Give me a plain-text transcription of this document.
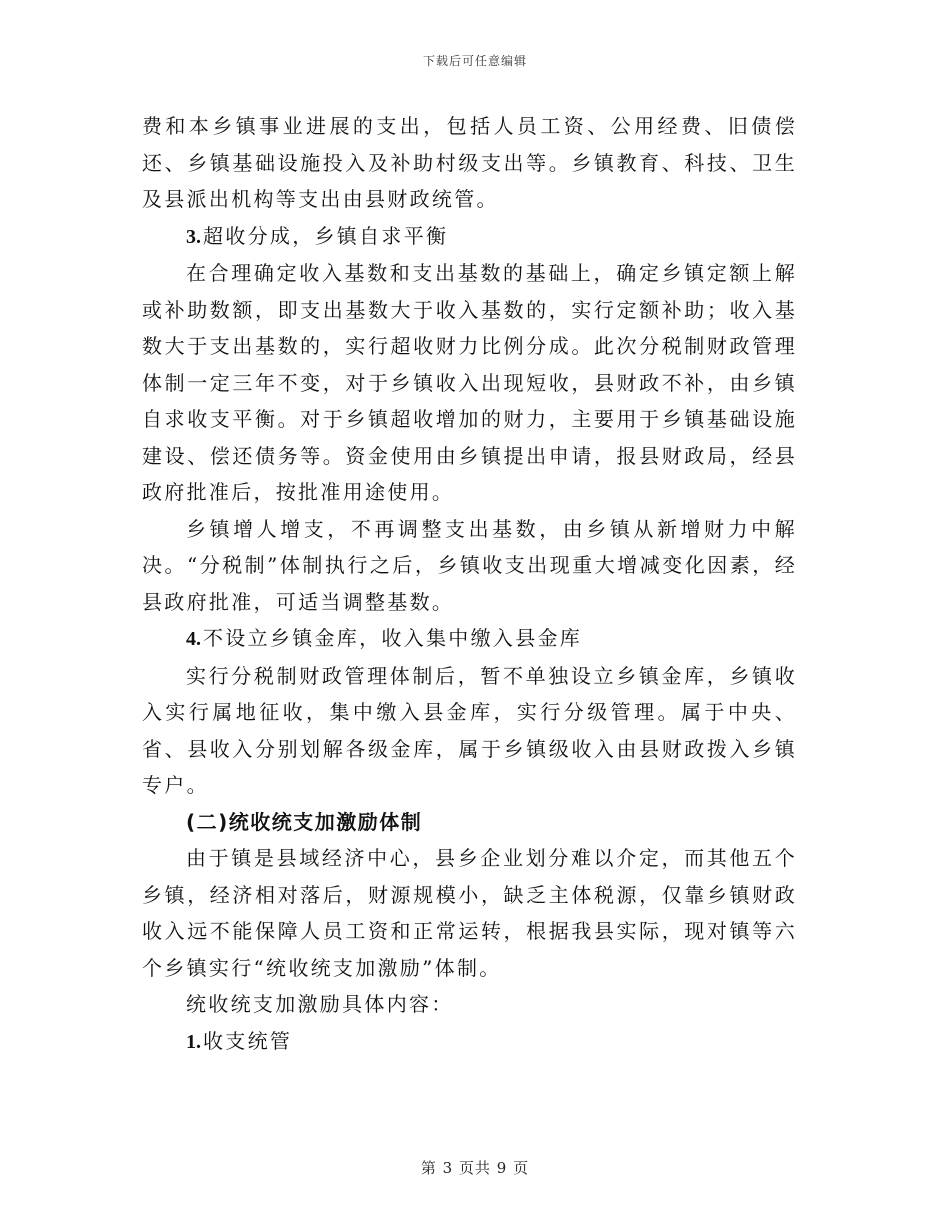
下载后可任意编辑

费和本乡镇事业进展的支出，包括人员工资、公用经费、旧债偿还、乡镇基础设施投入及补助村级支出等。乡镇教育、科技、卫生及县派出机构等支出由县财政统管。

3. 超收分成，乡镇自求平衡

在合理确定收入基数和支出基数的基础上，确定乡镇定额上解或补助数额，即支出基数大于收入基数的，实行定额补助；收入基数大于支出基数的，实行超收财力比例分成。此次分税制财政管理体制一定三年不变，对于乡镇收入出现短收，县财政不补，由乡镇自求收支平衡。对于乡镇超收增加的财力，主要用于乡镇基础设施建设、偿还债务等。资金使用由乡镇提出申请，报县财政局，经县政府批准后，按批准用途使用。

乡镇增人增支，不再调整支出基数，由乡镇从新增财力中解决。“分税制”体制执行之后，乡镇收支出现重大增减变化因素，经县政府批准，可适当调整基数。

4. 不设立乡镇金库，收入集中缴入县金库

实行分税制财政管理体制后，暂不单独设立乡镇金库，乡镇收入实行属地征收，集中缴入县金库，实行分级管理。属于中央、省、县收入分别划解各级金库，属于乡镇级收入由县财政拨入乡镇专户。

(二)统收统支加激励体制

由于镇是县域经济中心，县乡企业划分难以介定，而其他五个乡镇，经济相对落后，财源规模小，缺乏主体税源，仅靠乡镇财政收入远不能保障人员工资和正常运转，根据我县实际，现对镇等六个乡镇实行“统收统支加激励”体制。

统收统支加激励具体内容：

1. 收支统管

第 3 页共 9 页
